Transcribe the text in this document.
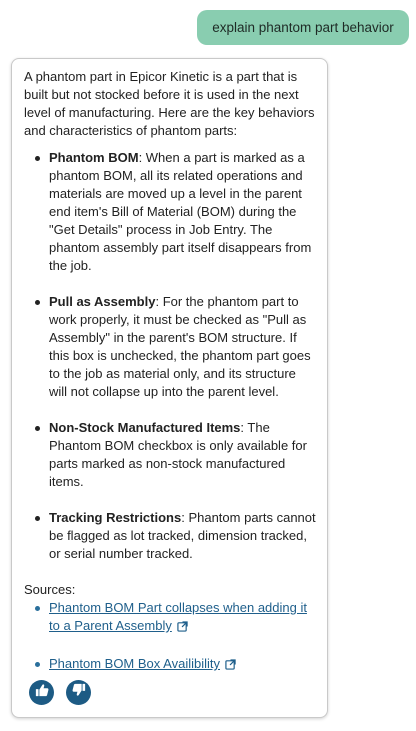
explain phantom part behavior

A phantom part in Epicor Kinetic is a part that is built but not stocked before it is used in the next level of manufacturing. Here are the key behaviors and characteristics of phantom parts:

Phantom BOM: When a part is marked as a phantom BOM, all its related operations and materials are moved up a level in the parent end item's Bill of Material (BOM) during the "Get Details" process in Job Entry. The phantom assembly part itself disappears from the job.
Pull as Assembly: For the phantom part to work properly, it must be checked as "Pull as Assembly" in the parent's BOM structure. If this box is unchecked, the phantom part goes to the job as material only, and its structure will not collapse up into the parent level.
Non-Stock Manufactured Items: The Phantom BOM checkbox is only available for parts marked as non-stock manufactured items.
Tracking Restrictions: Phantom parts cannot be flagged as lot tracked, dimension tracked, or serial number tracked.
Sources:
Phantom BOM Part collapses when adding it to a Parent Assembly
Phantom BOM Box Availibility
